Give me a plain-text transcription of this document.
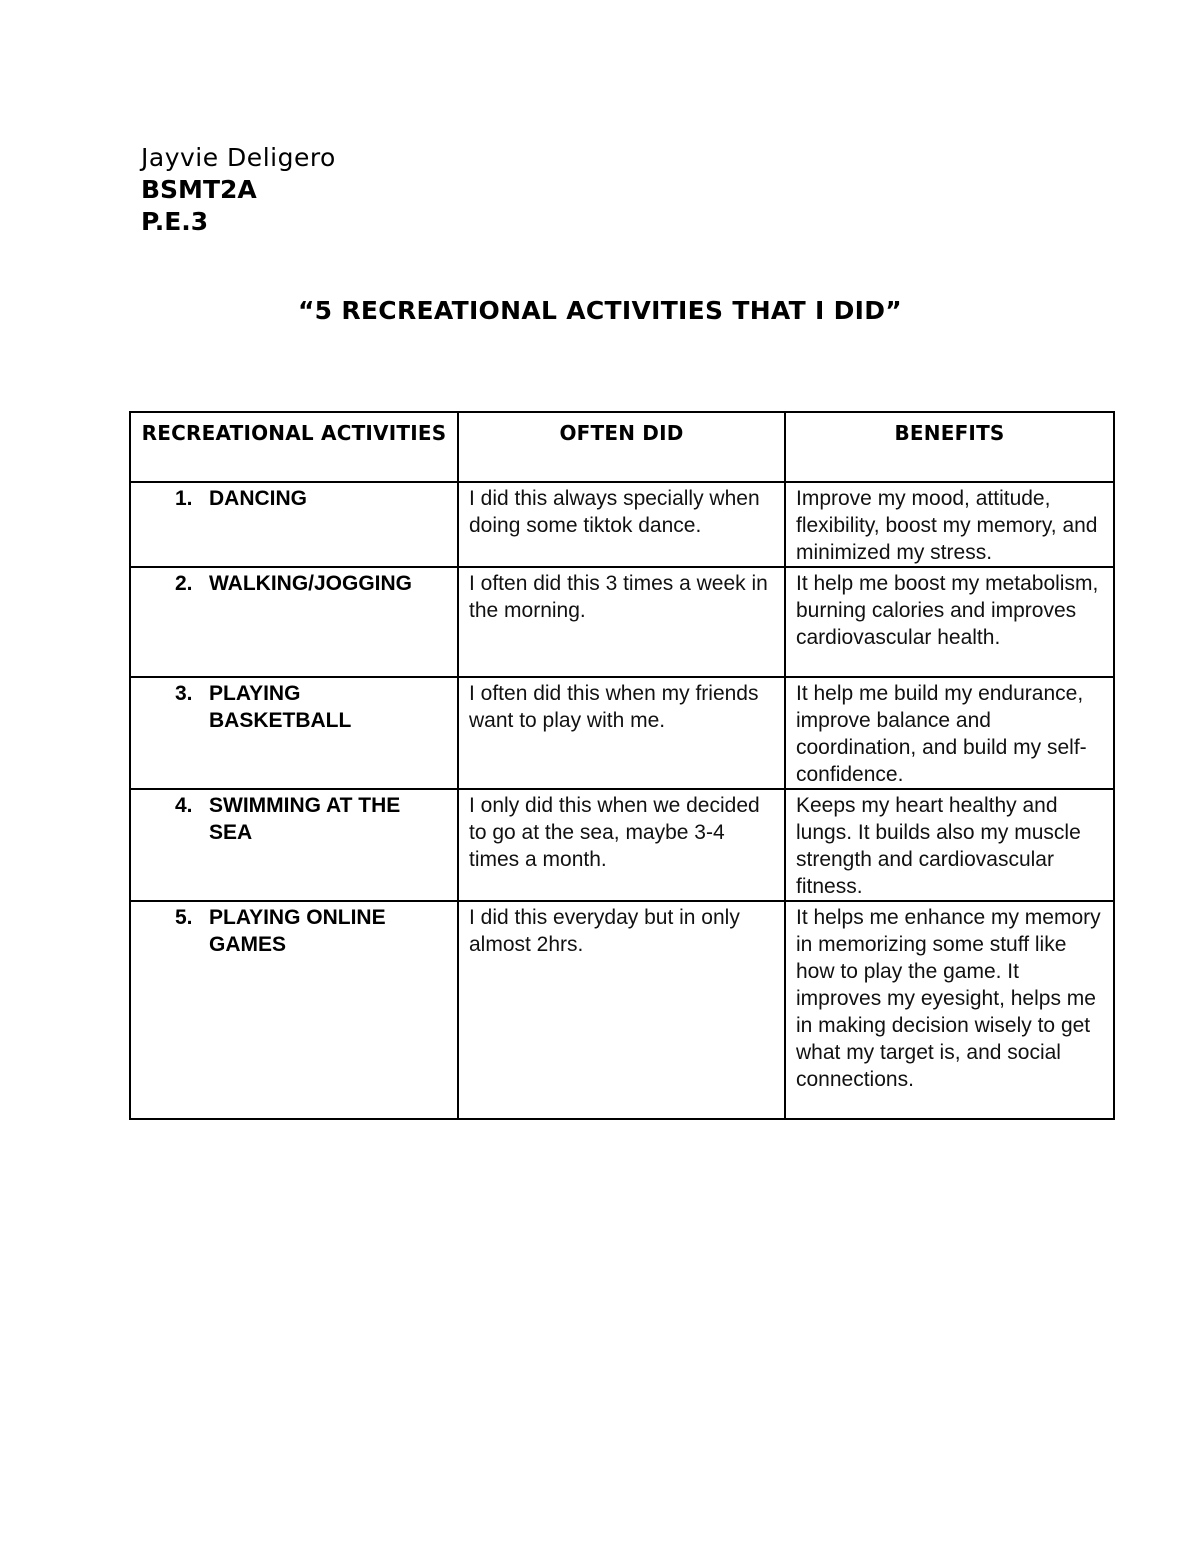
Jayvie Deligero
BSMT2A
P.E.3
“5 RECREATIONAL ACTIVITIES THAT I DID”
RECREATIONAL ACTIVITIES	OFTEN DID	BENEFITS

1. DANCING	I did this always specially when doing some tiktok dance.	Improve my mood, attitude, flexibility, boost my memory, and minimized my stress.

2. WALKING/JOGGING	I often did this 3 times a week in the morning.	It help me boost my metabolism, burning calories and improves cardiovascular health.

3. PLAYING BASKETBALL	I often did this when my friends want to play with me.	It help me build my endurance, improve balance and coordination, and build my self-confidence.

4. SWIMMING AT THE SEA	I only did this when we decided to go at the sea, maybe 3-4 times a month.	Keeps my heart healthy and lungs. It builds also my muscle strength and cardiovascular fitness.

5. PLAYING ONLINE GAMES	I did this everyday but in only almost 2hrs.	It helps me enhance my memory in memorizing some stuff like how to play the game. It improves my eyesight, helps me in making decision wisely to get what my target is, and social connections.
